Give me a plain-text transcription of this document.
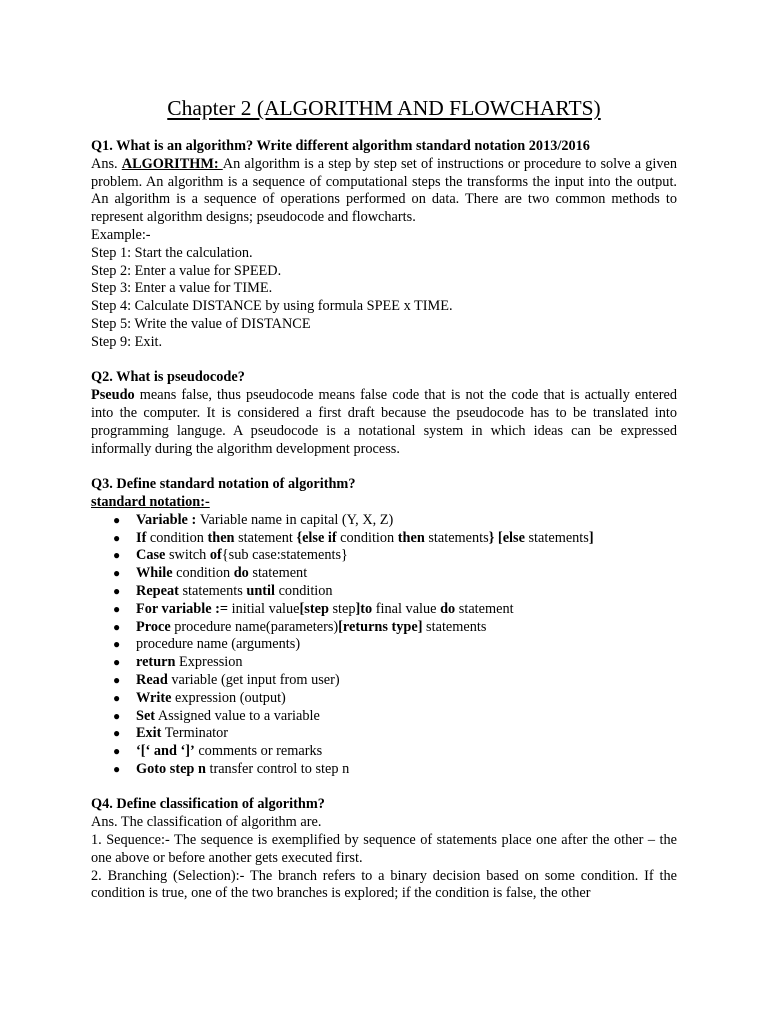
Chapter 2 (ALGORITHM AND FLOWCHARTS)

Q1. What is an algorithm? Write different algorithm standard notation 2013/2016

Ans. ALGORITHM: An algorithm is a step by step set of instructions or procedure to solve a given problem. An algorithm is a sequence of computational steps the transforms the input into the output. An algorithm is a sequence of operations performed on data. There are two common methods to represent algorithm designs; pseudocode and flowcharts.

Example:-

Step 1: Start the calculation.

Step 2: Enter a value for SPEED.

Step 3: Enter a value for TIME.

Step 4: Calculate DISTANCE by using formula SPEE x TIME.

Step 5: Write the value of DISTANCE

Step 9: Exit.

Q2. What is pseudocode?

Pseudo means false, thus pseudocode means false code that is not the code that is actually entered into the computer. It is considered a first draft because the pseudocode has to be translated into programming languge. A pseudocode is a notational system in which ideas can be expressed informally during the algorithm development process.

Q3. Define standard notation of algorithm?

standard notation:-

● Variable : Variable name in capital (Y, X, Z)
● If condition then statement {else if condition then statements} [else statements]
● Case switch of{sub case:statements}
● While condition do statement
● Repeat statements until condition
● For variable := initial value[step step]to final value do statement
● Proce procedure name(parameters)[returns type] statements
● procedure name (arguments)
● return Expression
● Read variable (get input from user)
● Write expression (output)
● Set Assigned value to a variable
● Exit Terminator
● ‘[‘ and ‘]’ comments or remarks
● Goto step n transfer control to step n

Q4. Define classification of algorithm?

Ans. The classification of algorithm are.

1. Sequence:- The sequence is exemplified by sequence of statements place one after the other – the one above or before another gets executed first.

2. Branching (Selection):- The branch refers to a binary decision based on some condition. If the condition is true, one of the two branches is explored; if the condition is false, the other
